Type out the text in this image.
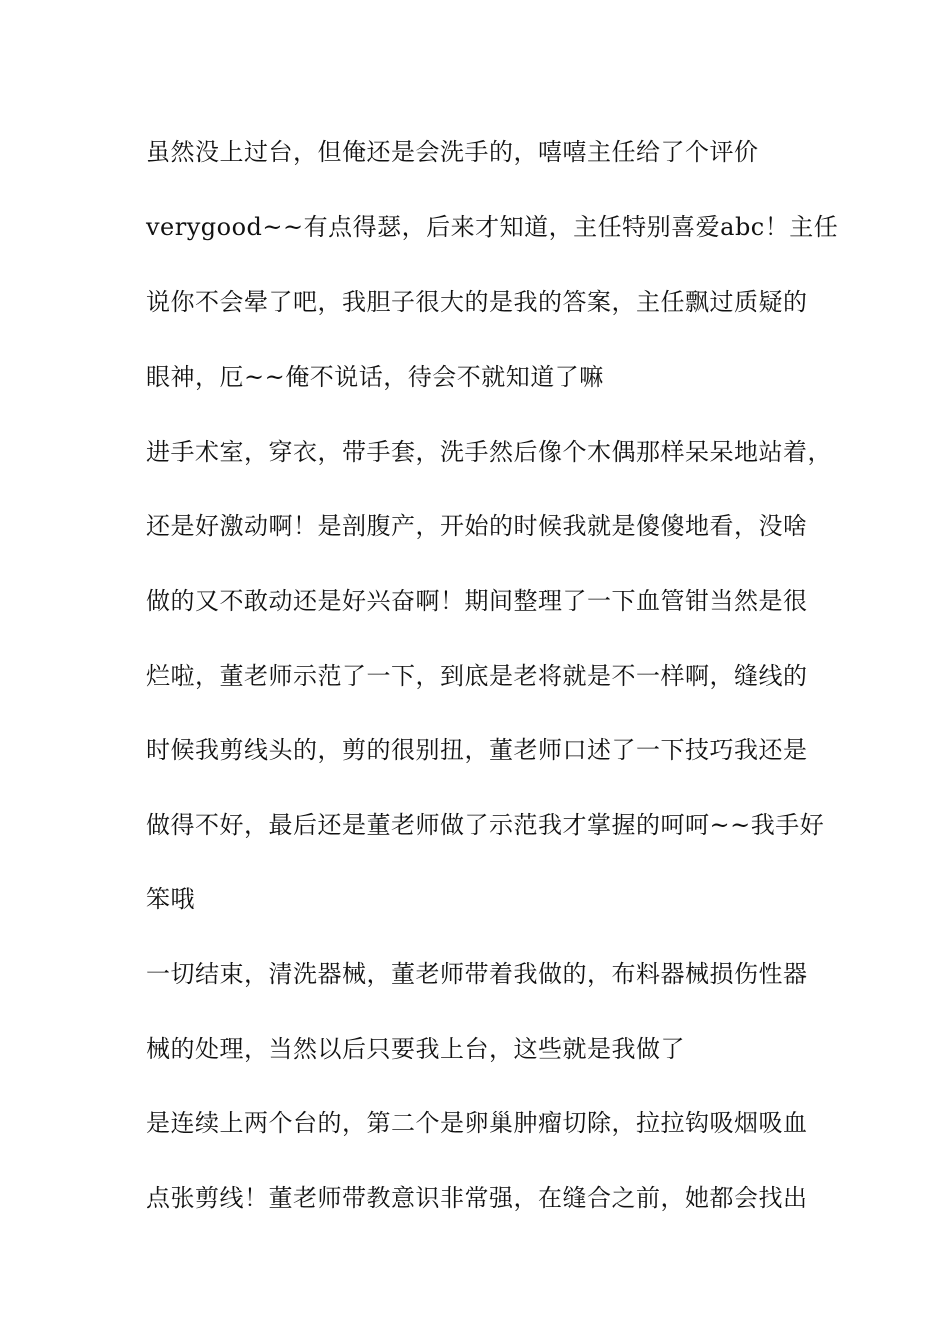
虽然没上过台，但俺还是会洗手的，嘻嘻主任给了个评价
verygood~~有点得瑟，后来才知道，主任特别喜爱abc！主任
说你不会晕了吧，我胆子很大的是我的答案，主任飘过质疑的
眼神，厄~~俺不说话，待会不就知道了嘛
进手术室，穿衣，带手套，洗手然后像个木偶那样呆呆地站着，
还是好激动啊！是剖腹产，开始的时候我就是傻傻地看，没啥
做的又不敢动还是好兴奋啊！期间整理了一下血管钳当然是很
烂啦，董老师示范了一下，到底是老将就是不一样啊，缝线的
时候我剪线头的，剪的很别扭，董老师口述了一下技巧我还是
做得不好，最后还是董老师做了示范我才掌握的呵呵~~我手好
笨哦
一切结束，清洗器械，董老师带着我做的，布料器械损伤性器
械的处理，当然以后只要我上台，这些就是我做了
是连续上两个台的，第二个是卵巢肿瘤切除，拉拉钩吸烟吸血
点张剪线！董老师带教意识非常强，在缝合之前，她都会找出
